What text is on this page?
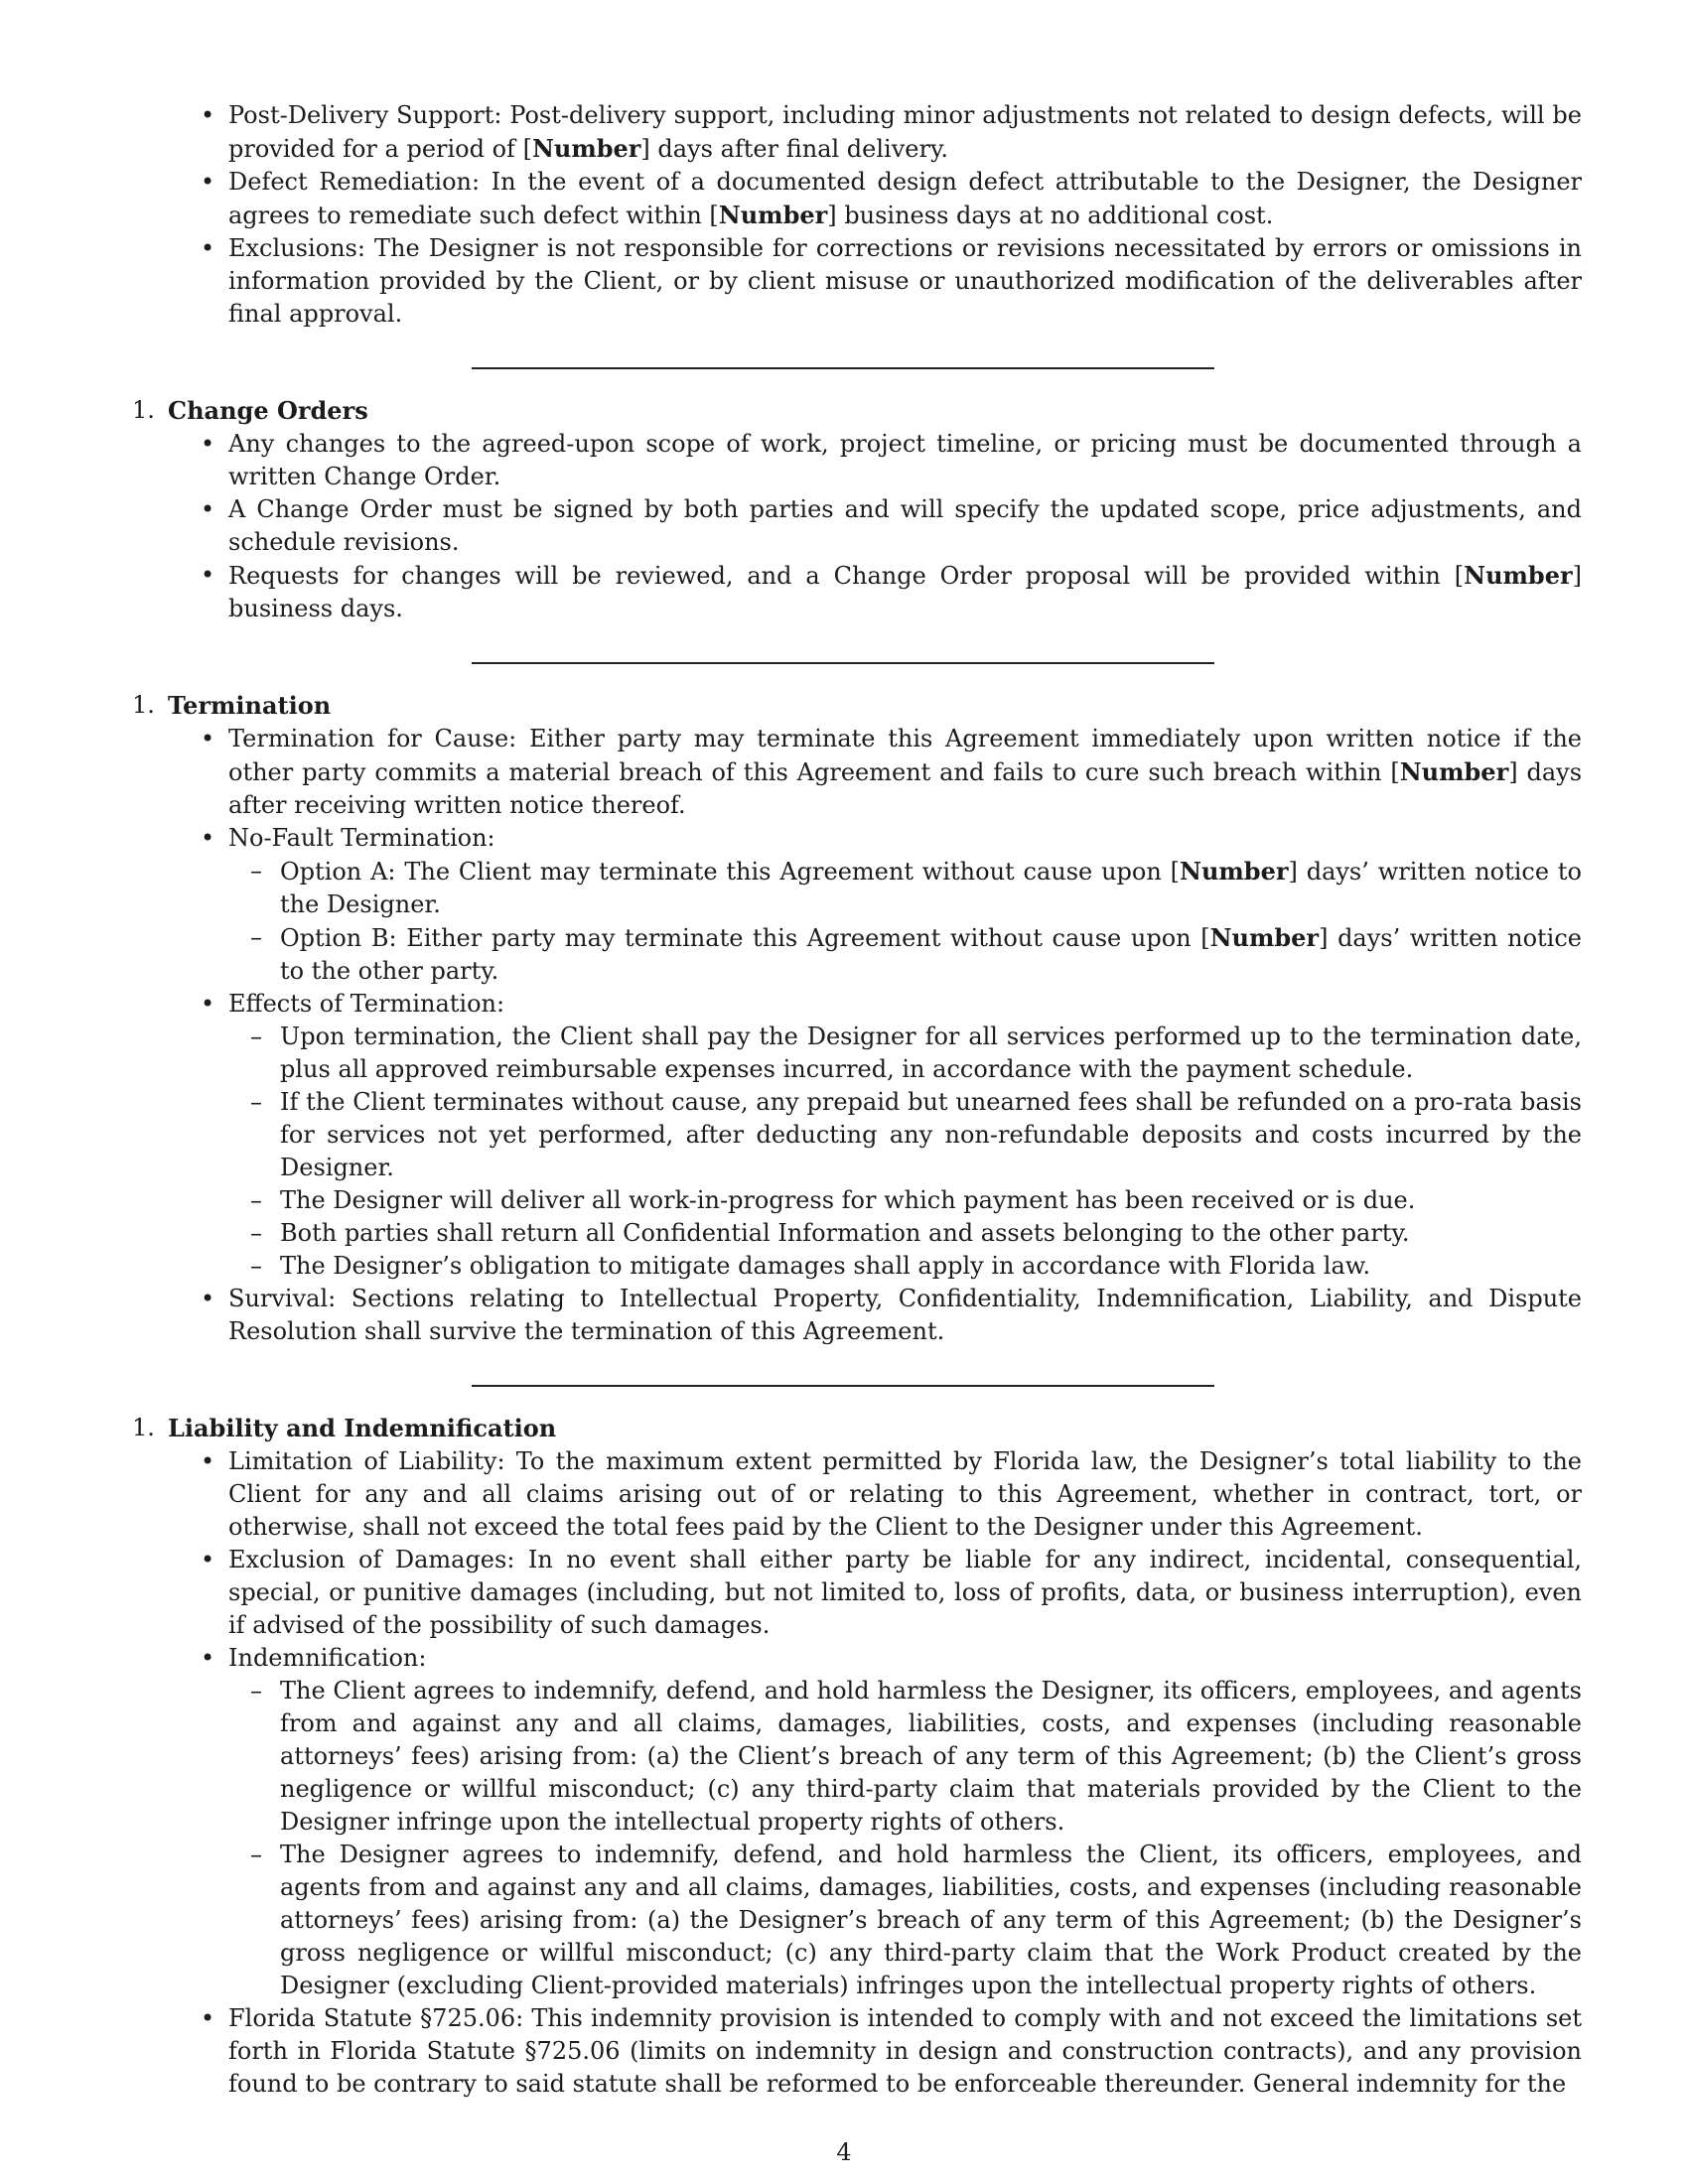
• Post-Delivery Support: Post-delivery support, including minor adjustments not related to design defects, will be provided for a period of [Number] days after final delivery.
• Defect Remediation: In the event of a documented design defect attributable to the Designer, the Designer agrees to remediate such defect within [Number] business days at no additional cost.
• Exclusions: The Designer is not responsible for corrections or revisions necessitated by errors or omissions in information provided by the Client, or by client misuse or unauthorized modification of the deliverables after final approval.
1. Change Orders
• Any changes to the agreed-upon scope of work, project timeline, or pricing must be documented through a written Change Order.
• A Change Order must be signed by both parties and will specify the updated scope, price adjustments, and schedule revisions.
• Requests for changes will be reviewed, and a Change Order proposal will be provided within [Number] business days.
1. Termination
• Termination for Cause: Either party may terminate this Agreement immediately upon written notice if the other party commits a material breach of this Agreement and fails to cure such breach within [Number] days after receiving written notice thereof.
• No-Fault Termination:
– Option A: The Client may terminate this Agreement without cause upon [Number] days’ written notice to the Designer.
– Option B: Either party may terminate this Agreement without cause upon [Number] days’ written notice to the other party.
• Effects of Termination:
– Upon termination, the Client shall pay the Designer for all services performed up to the termination date, plus all approved reimbursable expenses incurred, in accordance with the payment schedule.
– If the Client terminates without cause, any prepaid but unearned fees shall be refunded on a pro-rata basis for services not yet performed, after deducting any non-refundable deposits and costs incurred by the Designer.
– The Designer will deliver all work-in-progress for which payment has been received or is due.
– Both parties shall return all Confidential Information and assets belonging to the other party.
– The Designer’s obligation to mitigate damages shall apply in accordance with Florida law.
• Survival: Sections relating to Intellectual Property, Confidentiality, Indemnification, Liability, and Dispute Resolution shall survive the termination of this Agreement.
1. Liability and Indemnification
• Limitation of Liability: To the maximum extent permitted by Florida law, the Designer’s total liability to the Client for any and all claims arising out of or relating to this Agreement, whether in contract, tort, or otherwise, shall not exceed the total fees paid by the Client to the Designer under this Agreement.
• Exclusion of Damages: In no event shall either party be liable for any indirect, incidental, consequential, special, or punitive damages (including, but not limited to, loss of profits, data, or business interruption), even if advised of the possibility of such damages.
• Indemnification:
– The Client agrees to indemnify, defend, and hold harmless the Designer, its officers, employees, and agents from and against any and all claims, damages, liabilities, costs, and expenses (including reasonable attorneys’ fees) arising from: (a) the Client’s breach of any term of this Agreement; (b) the Client’s gross negligence or willful misconduct; (c) any third-party claim that materials provided by the Client to the Designer infringe upon the intellectual property rights of others.
– The Designer agrees to indemnify, defend, and hold harmless the Client, its officers, employees, and agents from and against any and all claims, damages, liabilities, costs, and expenses (including reasonable attorneys’ fees) arising from: (a) the Designer’s breach of any term of this Agreement; (b) the Designer’s gross negligence or willful misconduct; (c) any third-party claim that the Work Product created by the Designer (excluding Client-provided materials) infringes upon the intellectual property rights of others.
• Florida Statute §725.06: This indemnity provision is intended to comply with and not exceed the limitations set forth in Florida Statute §725.06 (limits on indemnity in design and construction contracts), and any provision found to be contrary to said statute shall be reformed to be enforceable thereunder. General indemnity for the
4
